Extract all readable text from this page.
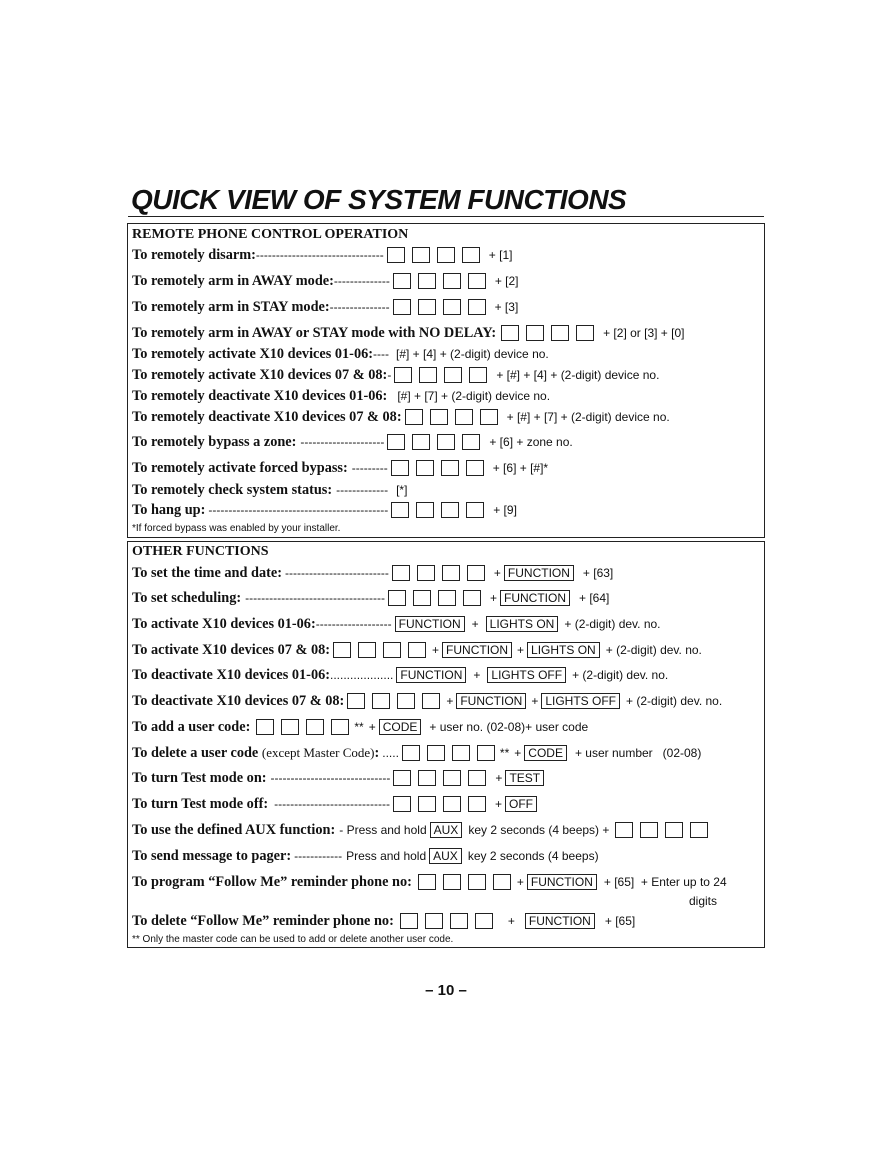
QUICK VIEW OF SYSTEM FUNCTIONS
REMOTE PHONE CONTROL OPERATION
To remotely disarm: --------------------------------	+ [1]
To remotely arm in AWAY mode: --------------	+ [2]
To remotely arm in STAY mode: ---------------	+ [3]
To remotely arm in AWAY or STAY mode with NO DELAY:	+ [2] or [3] + [0]
To remotely activate X10 devices 01-06: ---- [#] + [4] + (2-digit) device no.
To remotely activate X10 devices 07 & 08: -	+ [#] + [4] + (2-digit) device no.
To remotely deactivate X10 devices 01-06: [#] + [7] + (2-digit) device no.
To remotely deactivate X10 devices 07 & 08:	+ [#] + [7] + (2-digit) device no.
To remotely bypass a zone: ---------------------	+ [6] + zone no.
To remotely activate forced bypass: ---------	+ [6] + [#]*
To remotely check system status: ------------- [*]
To hang up: ---------------------------------------------	+ [9]
*If forced bypass was enabled by your installer.
OTHER FUNCTIONS
To set the time and date: --------------------------	+ FUNCTION	+ [63]
To set scheduling: -----------------------------------	+ FUNCTION	+ [64]
To activate X10 devices 01-06: ------------------- FUNCTION + LIGHTS ON + (2-digit) dev. no.
To activate X10 devices 07 & 08:	+ FUNCTION + LIGHTS ON + (2-digit) dev. no.
To deactivate X10 devices 01-06: ................... FUNCTION + LIGHTS OFF + (2-digit) dev. no.
To deactivate X10 devices 07 & 08:	+ FUNCTION + LIGHTS OFF + (2-digit) dev. no.
To add a user code:	** + CODE	+ user no. (02-08)+ user code
To delete a user code (except Master Code): .....	** + CODE	+ user number   (02-08)
To turn Test mode on: ------------------------------	+ TEST
To turn Test mode off: -----------------------------	+ OFF
To use the defined AUX function: - Press and hold AUX key 2 seconds (4 beeps) +
To send message to pager: ------------ Press and hold AUX key 2 seconds (4 beeps)
To program “Follow Me” reminder phone no:	+ FUNCTION + [65]  + Enter up to 24
digits
To delete “Follow Me” reminder phone no:	+	FUNCTION	+ [65]
** Only the master code can be used to add or delete another user code.
– 10 –
